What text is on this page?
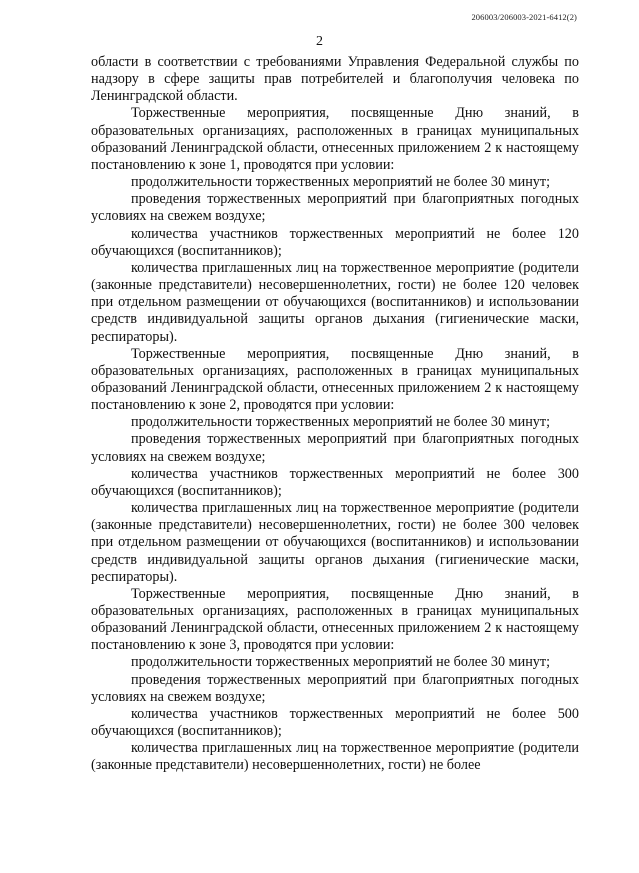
206003/206003-2021-6412(2)
2

области в соответствии с требованиями Управления Федеральной службы по надзору в сфере защиты прав потребителей и благополучия человека по Ленинградской области.

Торжественные мероприятия, посвященные Дню знаний, в образовательных организациях, расположенных в границах муниципальных образований Ленинградской области, отнесенных приложением 2 к настоящему постановлению к зоне 1, проводятся при условии:

продолжительности торжественных мероприятий не более 30 минут;

проведения торжественных мероприятий при благоприятных погодных условиях на свежем воздухе;

количества участников торжественных мероприятий не более 120 обучающихся (воспитанников);

количества приглашенных лиц на торжественное мероприятие (родители (законные представители) несовершеннолетних, гости) не более 120 человек при отдельном размещении от обучающихся (воспитанников) и использовании средств индивидуальной защиты органов дыхания (гигиенические маски, респираторы).

Торжественные мероприятия, посвященные Дню знаний, в образовательных организациях, расположенных в границах муниципальных образований Ленинградской области, отнесенных приложением 2 к настоящему постановлению к зоне 2, проводятся при условии:

продолжительности торжественных мероприятий не более 30 минут;

проведения торжественных мероприятий при благоприятных погодных условиях на свежем воздухе;

количества участников торжественных мероприятий не более 300 обучающихся (воспитанников);

количества приглашенных лиц на торжественное мероприятие (родители (законные представители) несовершеннолетних, гости) не более 300 человек при отдельном размещении от обучающихся (воспитанников) и использовании средств индивидуальной защиты органов дыхания (гигиенические маски, респираторы).

Торжественные мероприятия, посвященные Дню знаний, в образовательных организациях, расположенных в границах муниципальных образований Ленинградской области, отнесенных приложением 2 к настоящему постановлению к зоне 3, проводятся при условии:

продолжительности торжественных мероприятий не более 30 минут;

проведения торжественных мероприятий при благоприятных погодных условиях на свежем воздухе;

количества участников торжественных мероприятий не более 500 обучающихся (воспитанников);

количества приглашенных лиц на торжественное мероприятие (родители (законные представители) несовершеннолетних, гости) не более
